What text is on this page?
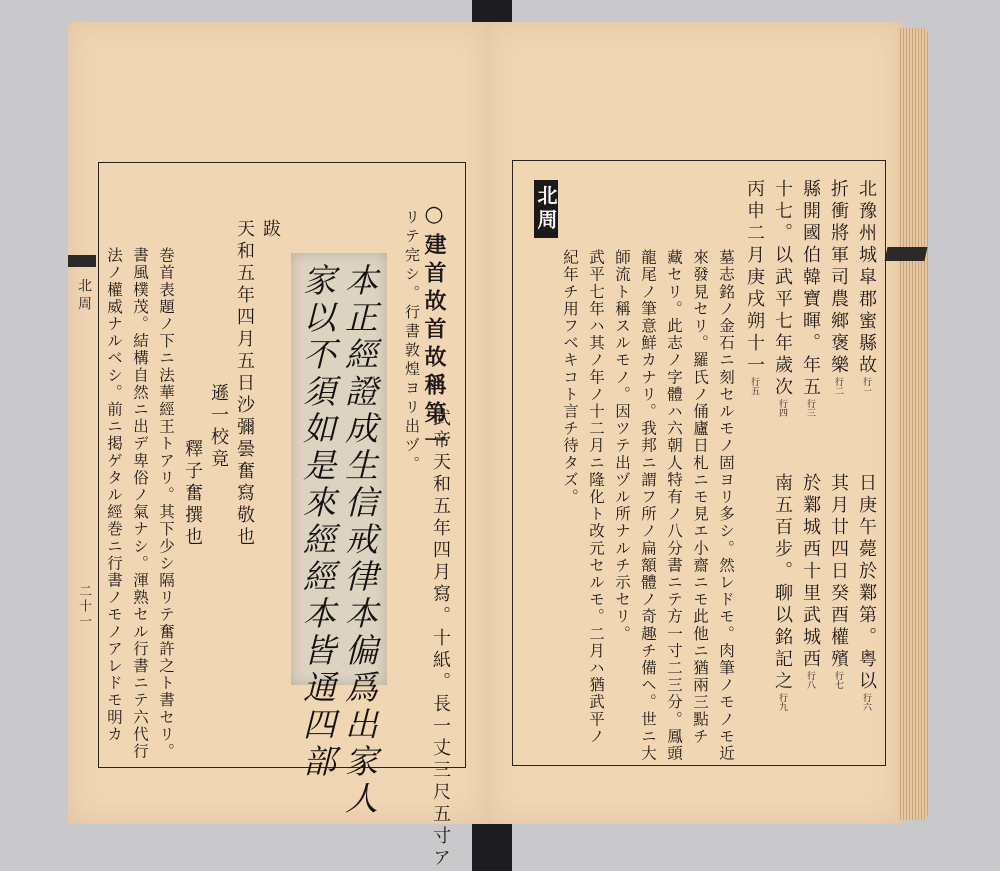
北周
二十一
○建首故首故稱第一
武帝天和五年四月寫。十紙。長一丈三尺五寸ア
リテ完シ。行書敦煌ヨリ出ヅ。
跋
天和五年四月五日沙彌曇奮寫敬也
遜一校竟
釋子奮撰也
巻首表題ノ下ニ法華經王トアリ。其下少シ隔リテ奮許之ト書セリ。
書風樸茂。結構自然ニ出デ卑俗ノ氣ナシ。渾熟セル行書ニテ六代行
法ノ權威ナルベシ。前ニ掲ゲタル經巻ニ行書ノモノアレドモ明カ	本正經證成生信戒律本偏爲出家人
家以不須如是來經經本皆通四部	北豫州城皐郡蜜縣故行一
折衝將軍司農鄉褒樂行二
縣開國伯韓寶暉。年五行三
十七。以武平七年歲次行四
丙申二月庚戌朔十一行五
日庚午薨於鄴第。粤以行六
其月廿四日癸酉權殯行七
於鄴城西十里武城西行八
南五百步。聊以銘記之行九
墓志銘ノ金石ニ刻セルモノ固ヨリ多シ。然レドモ。肉筆ノモノモ近
來發見セリ。羅氏ノ俑廬日札ニモ見エ小齋ニモ此他ニ猶兩三點チ
藏セリ。此志ノ字體ハ六朝人特有ノ八分書ニテ方一寸二三分。鳳頭
龍尾ノ筆意鮮カナリ。我邦ニ謂フ所ノ扁額體ノ奇趣チ備ヘ。世ニ大
師流ト稱スルモノ。因ツテ出ヅル所ナルチ示セリ。
武平七年ハ其ノ年ノ十二月ニ隆化ト改元セルモ。二月ハ猶武平ノ
紀年チ用フベキコト言チ待タズ。
北周
